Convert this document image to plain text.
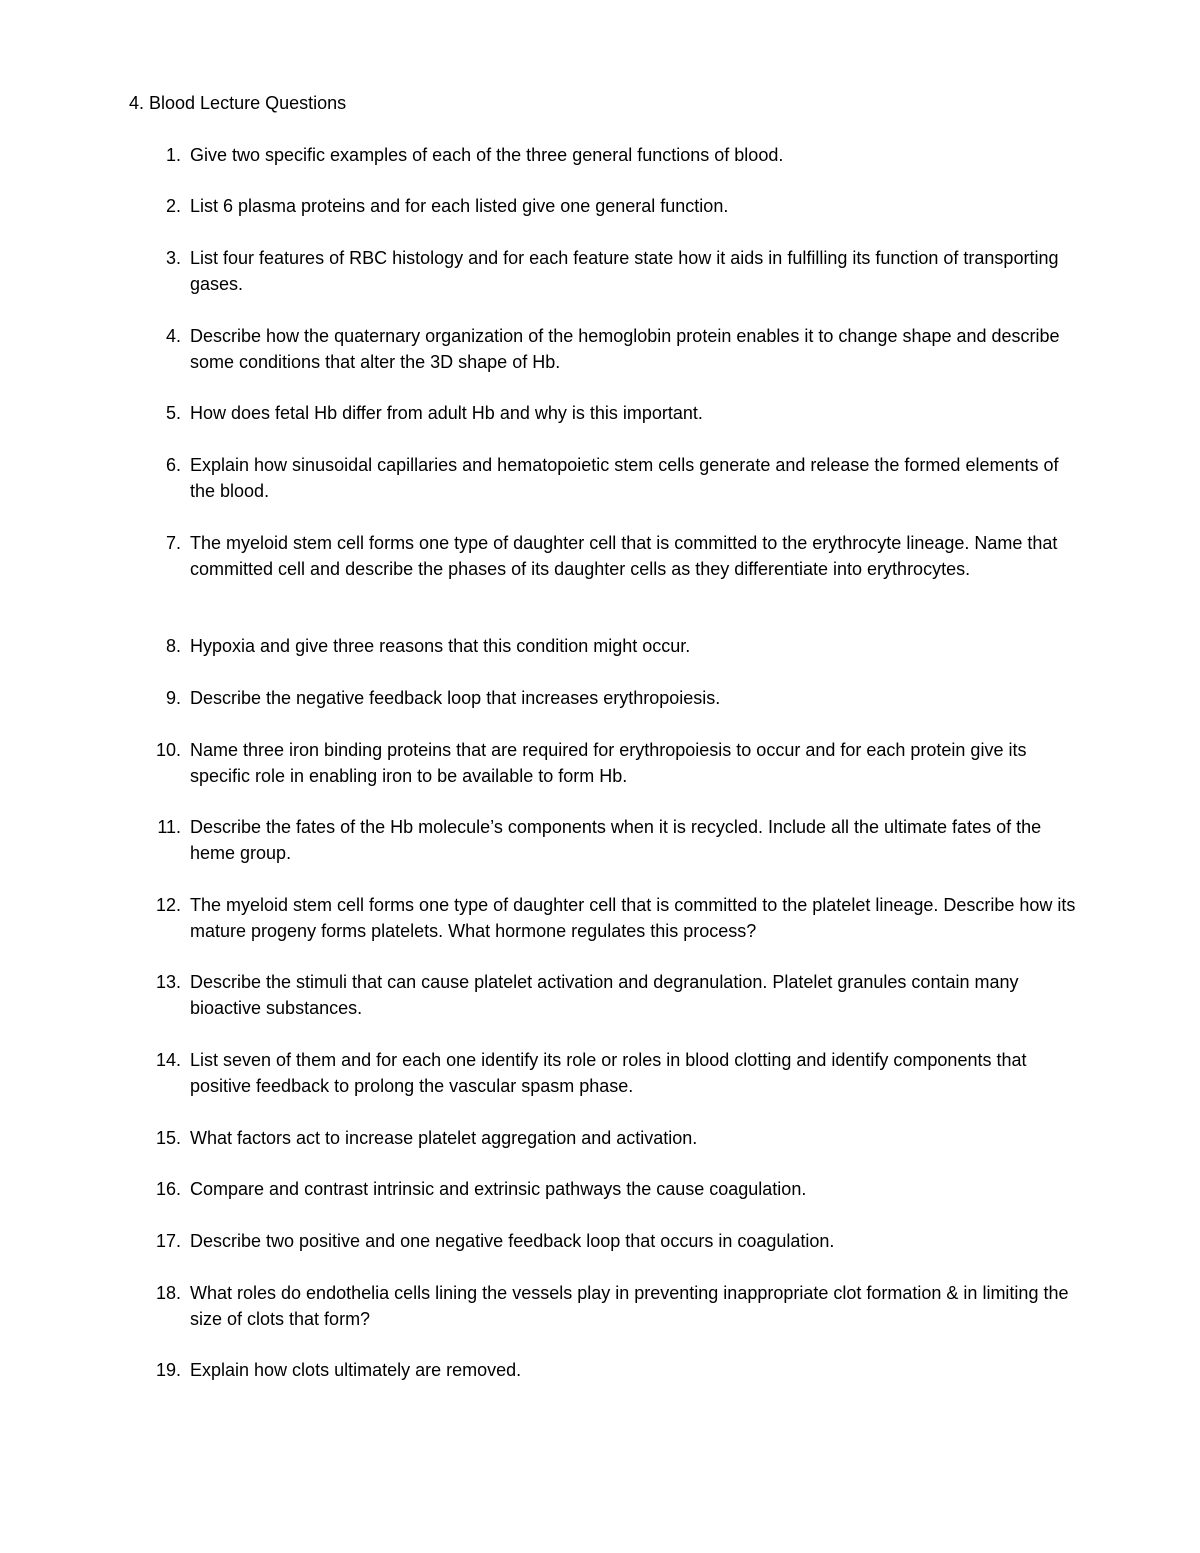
4. Blood Lecture Questions
1. Give two specific examples of each of the three general functions of blood.
2. List 6 plasma proteins and for each listed give one general function.
3. List four features of RBC histology and for each feature state how it aids in fulfilling its function of transporting gases.
4. Describe how the quaternary organization of the hemoglobin protein enables it to change shape and describe some conditions that alter the 3D shape of Hb.
5. How does fetal Hb differ from adult Hb and why is this important.
6. Explain how sinusoidal capillaries and hematopoietic stem cells generate and release the formed elements of the blood.
7. The myeloid stem cell forms one type of daughter cell that is committed to the erythrocyte lineage. Name that committed cell and describe the phases of its daughter cells as they differentiate into erythrocytes.
8. Hypoxia and give three reasons that this condition might occur.
9. Describe the negative feedback loop that increases erythropoiesis.
10. Name three iron binding proteins that are required for erythropoiesis to occur and for each protein give its specific role in enabling iron to be available to form Hb.
11. Describe the fates of the Hb molecule’s components when it is recycled. Include all the ultimate fates of the heme group.
12. The myeloid stem cell forms one type of daughter cell that is committed to the platelet lineage. Describe how its mature progeny forms platelets. What hormone regulates this process?
13. Describe the stimuli that can cause platelet activation and degranulation. Platelet granules contain many bioactive substances.
14. List seven of them and for each one identify its role or roles in blood clotting and identify components that positive feedback to prolong the vascular spasm phase.
15. What factors act to increase platelet aggregation and activation.
16. Compare and contrast intrinsic and extrinsic pathways the cause coagulation.
17. Describe two positive and one negative feedback loop that occurs in coagulation.
18. What roles do endothelia cells lining the vessels play in preventing inappropriate clot formation & in limiting the size of clots that form?
19. Explain how clots ultimately are removed.
